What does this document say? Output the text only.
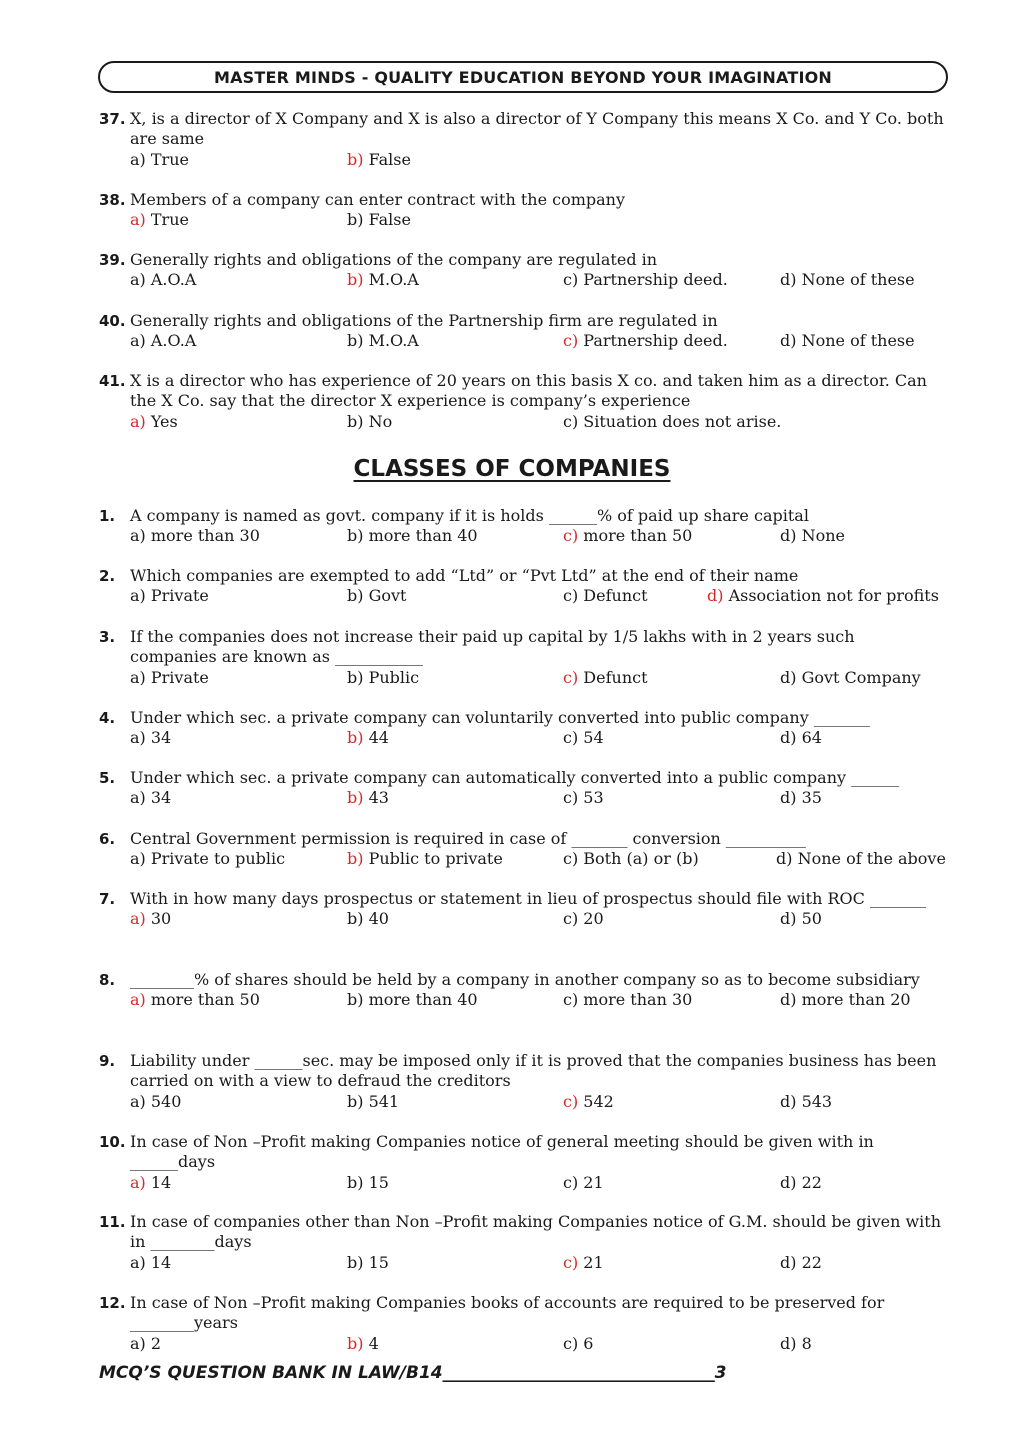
MASTER MINDS - QUALITY EDUCATION BEYOND YOUR IMAGINATION
CLASSES OF COMPANIES
37. X, is a director of X Company and X is also a director of Y Company this means X Co. and Y Co. both are same
a) True	b) False
38. Members of a company can enter contract with the company
a) True	b) False
39. Generally rights and obligations of the company are regulated in
a) A.O.A	b) M.O.A	c) Partnership deed.	d) None of these
40. Generally rights and obligations of the Partnership firm are regulated in
a) A.O.A	b) M.O.A	c) Partnership deed.	d) None of these
41. X is a director who has experience of 20 years on this basis X co. and taken him as a director. Can the X Co. say that the director X experience is company’s experience
a) Yes	b) No	c) Situation does not arise.
1. A company is named as govt. company if it is holds ______% of paid up share capital
a) more than 30	b) more than 40	c) more than 50	d) None
2. Which companies are exempted to add “Ltd” or “Pvt Ltd” at the end of their name
a) Private	b) Govt	c) Defunct	d) Association not for profits
3. If the companies does not increase their paid up capital by 1/5 lakhs with in 2 years such companies are known as ___________
a) Private	b) Public	c) Defunct	d) Govt Company
4. Under which sec. a private company can voluntarily converted into public company _______
a) 34	b) 44	c) 54	d) 64
5. Under which sec. a private company can automatically converted into a public company ______
a) 34	b) 43	c) 53	d) 35
6. Central Government permission is required in case of _______ conversion __________
a) Private to public	b) Public to private	c) Both (a) or (b)	d) None of the above
7. With in how many days prospectus or statement in lieu of prospectus should file with ROC _______
a) 30	b) 40	c) 20	d) 50
8. ________% of shares should be held by a company in another company so as to become subsidiary
a) more than 50	b) more than 40	c) more than 30	d) more than 20
9. Liability under ______sec. may be imposed only if it is proved that the companies business has been carried on with a view to defraud the creditors
a) 540	b) 541	c) 542	d) 543
10. In case of Non –Profit making Companies notice of general meeting should be given with in ______days
a) 14	b) 15	c) 21	d) 22
11. In case of companies other than Non –Profit making Companies notice of G.M. should be given with in ________days
a) 14	b) 15	c) 21	d) 22
12. In case of Non –Profit making Companies books of accounts are required to be preserved for ________years
a) 2	b) 4	c) 6	d) 8
MCQ’S QUESTION BANK IN LAW/B14________________________________3
